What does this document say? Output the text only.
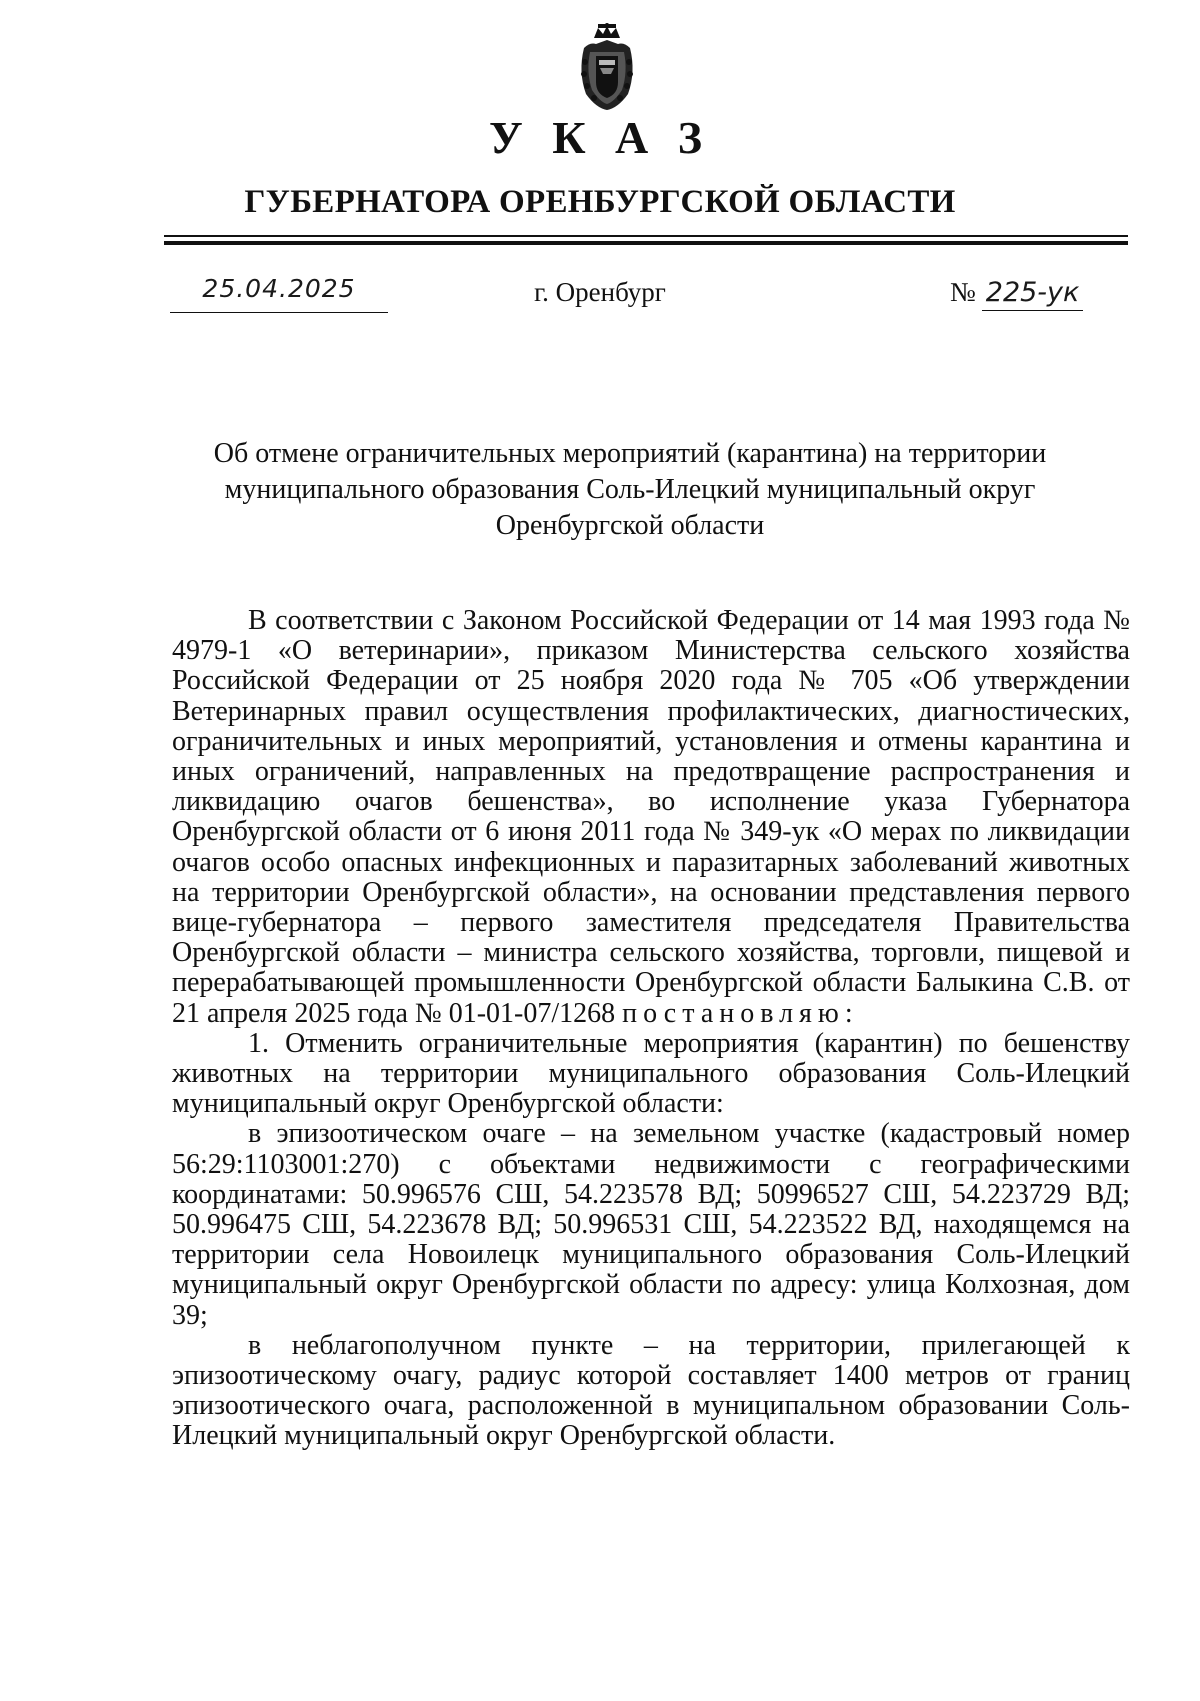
У К А З
ГУБЕРНАТОРА ОРЕНБУРГСКОЙ ОБЛАСТИ
25.04.2025	г. Оренбург	№ 225-ук
Об отмене ограничительных мероприятий (карантина) на территории муниципального образования Соль-Илецкий муниципальный округ Оренбургской области

В соответствии с Законом Российской Федерации от 14 мая 1993 года № 4979-1 «О ветеринарии», приказом Министерства сельского хозяйства Российской Федерации от 25 ноября 2020 года № 705 «Об утверждении Ветеринарных правил осуществления профилактических, диагностических, ограничительных и иных мероприятий, установления и отмены карантина и иных ограничений, направленных на предотвращение распространения и ликвидацию очагов бешенства», во исполнение указа Губернатора Оренбургской области от 6 июня 2011 года № 349-ук «О мерах по ликвидации очагов особо опасных инфекционных и паразитарных заболеваний животных на территории Оренбургской области», на основании представления первого вице-губернатора – первого заместителя председателя Правительства Оренбургской области – министра сельского хозяйства, торговли, пищевой и перерабатывающей промышленности Оренбургской области Балыкина С.В. от 21 апреля 2025 года № 01-01-07/1268 постановляю:

1. Отменить ограничительные мероприятия (карантин) по бешенству животных на территории муниципального образования Соль-Илецкий муниципальный округ Оренбургской области:

в эпизоотическом очаге – на земельном участке (кадастровый номер 56:29:1103001:270) с объектами недвижимости с географическими координатами: 50.996576 СШ, 54.223578 ВД; 50996527 СШ, 54.223729 ВД; 50.996475 СШ, 54.223678 ВД; 50.996531 СШ, 54.223522 ВД, находящемся на территории села Новоилецк муниципального образования Соль-Илецкий муниципальный округ Оренбургской области по адресу: улица Колхозная, дом 39;

в неблагополучном пункте – на территории, прилегающей к эпизоотическому очагу, радиус которой составляет 1400 метров от границ эпизоотического очага, расположенной в муниципальном образовании Соль-Илецкий муниципальный округ Оренбургской области.
